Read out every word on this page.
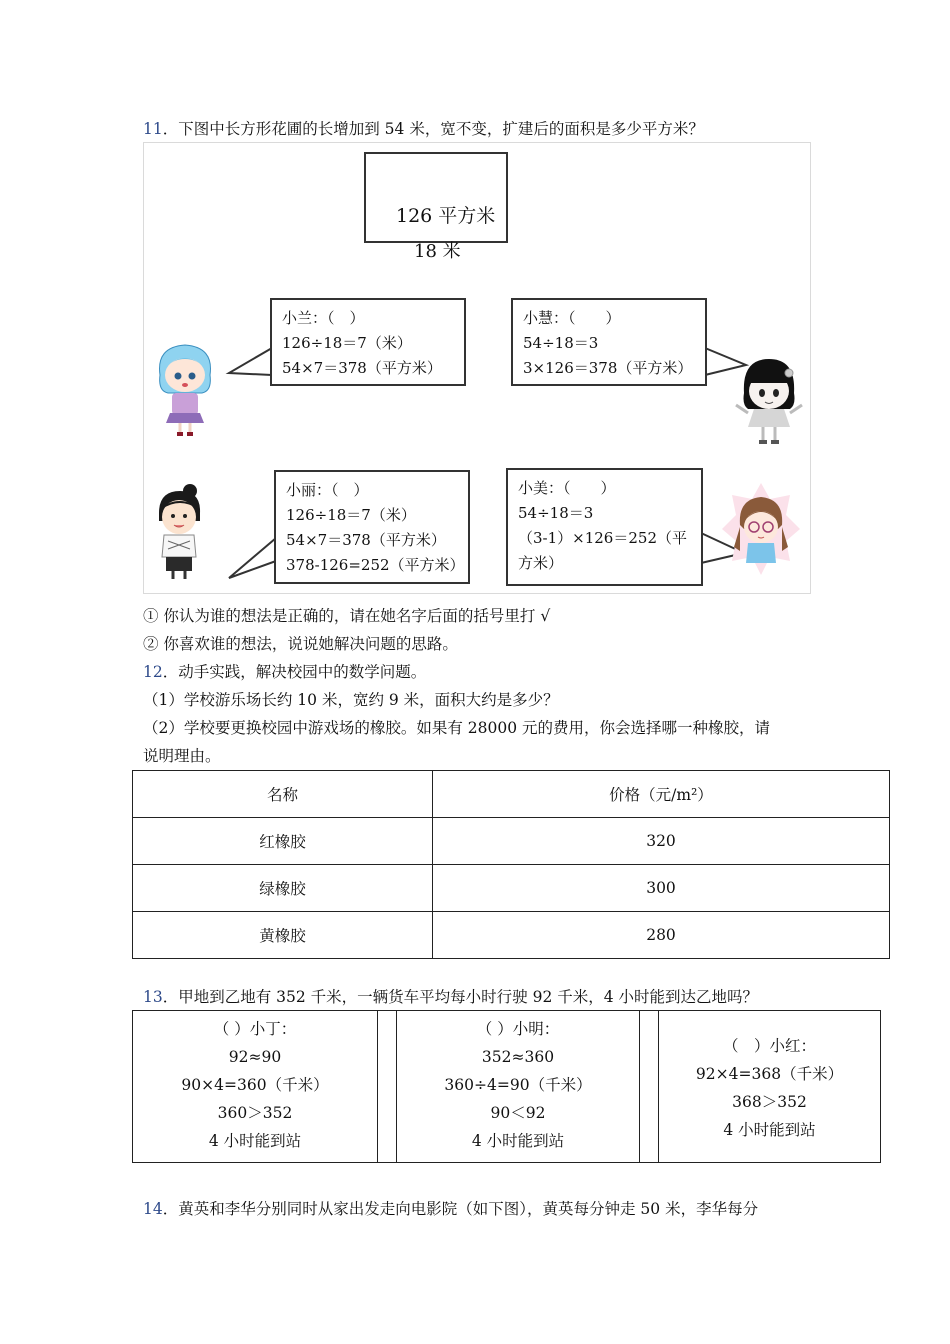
11．下图中长方形花圃的长增加到 54 米，宽不变，扩建后的面积是多少平方米？
126 平方米
18 米
小兰：（　）
126÷18＝7（米）
54×7＝378（平方米）
小慧：（　　）
54÷18＝3
3×126＝378（平方米）
小丽：（　）
126÷18＝7（米）
54×7＝378（平方米）
378-126=252（平方米）
小美：（　　）
54÷18＝3
（3-1）×126＝252（平
方米）
① 你认为谁的想法是正确的，请在她名字后面的括号里打 √
② 你喜欢谁的想法，说说她解决问题的思路。
12．动手实践，解决校园中的数学问题。
（1）学校游乐场长约 10 米，宽约 9 米，面积大约是多少？
（2）学校要更换校园中游戏场的橡胶。如果有 28000 元的费用，你会选择哪一种橡胶，请
说明理由。
名称	价格（元/m²）
红橡胶	320
绿橡胶	300
黄橡胶	280
13．甲地到乙地有 352 千米，一辆货车平均每小时行驶 92 千米，4 小时能到达乙地吗？
（ ）小丁：
92≈90
90×4=360（千米）
360＞352
4 小时能到站

（ ）小明：
352≈360
360÷4=90（千米）
90＜92
4 小时能到站

（　）小红：
92×4=368（千米）
368＞352
4 小时能到站
14．黄英和李华分别同时从家出发走向电影院（如下图），黄英每分钟走 50 米，李华每分
